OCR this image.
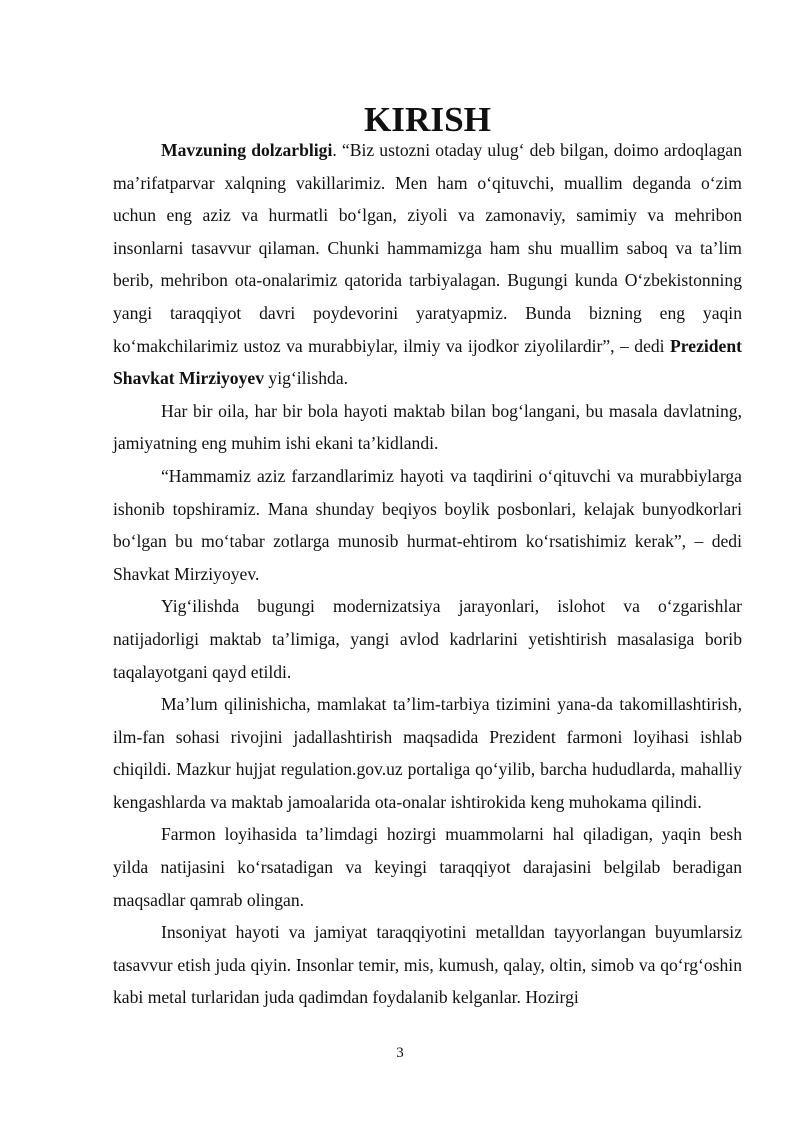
KIRISH

Mavzuning dolzarbligi. “Biz ustozni otaday ulug‘ deb bilgan, doimo ardoqlagan ma’rifatparvar xalqning vakillarimiz. Men ham o‘qituvchi, muallim deganda o‘zim uchun eng aziz va hurmatli bo‘lgan, ziyoli va zamonaviy, samimiy va mehribon insonlarni tasavvur qilaman. Chunki hammamizga ham shu muallim saboq va ta’lim berib, mehribon ota-onalarimiz qatorida tarbiyalagan. Bugungi kunda O‘zbekistonning yangi taraqqiyot davri poydevorini yaratyapmiz. Bunda bizning eng yaqin ko‘makchilarimiz ustoz va murabbiylar, ilmiy va ijodkor ziyolilardir”, – dedi Prezident Shavkat Mirziyoyev yig‘ilishda.

Har bir oila, har bir bola hayoti maktab bilan bog‘langani, bu masala davlatning, jamiyatning eng muhim ishi ekani ta’kidlandi.

“Hammamiz aziz farzandlarimiz hayoti va taqdirini o‘qituvchi va murabbiylarga ishonib topshiramiz. Mana shunday beqiyos boylik posbonlari, kelajak bunyodkorlari bo‘lgan bu mo‘tabar zotlarga munosib hurmat-ehtirom ko‘rsatishimiz kerak”, – dedi Shavkat Mirziyoyev.

Yig‘ilishda bugungi modernizatsiya jarayonlari, islohot va o‘zgarishlar natijadorligi maktab ta’limiga, yangi avlod kadrlarini yetishtirish masalasiga borib taqalayotgani qayd etildi.

Ma’lum qilinishicha, mamlakat ta’lim-tarbiya tizimini yana-da takomillashtirish, ilm-fan sohasi rivojini jadallashtirish maqsadida Prezident farmoni loyihasi ishlab chiqildi. Mazkur hujjat regulation.gov.uz portaliga qo‘yilib, barcha hududlarda, mahalliy kengashlarda va maktab jamoalarida ota-onalar ishtirokida keng muhokama qilindi.

Farmon loyihasida ta’limdagi hozirgi muammolarni hal qiladigan, yaqin besh yilda natijasini ko‘rsatadigan va keyingi taraqqiyot darajasini belgilab beradigan maqsadlar qamrab olingan.

Insoniyat hayoti va jamiyat taraqqiyotini metalldan tayyorlangan buyumlarsiz tasavvur etish juda qiyin. Insonlar temir, mis, kumush, qalay, oltin, simob va qo‘rg‘oshin kabi metal turlaridan juda qadimdan foydalanib kelganlar. Hozirgi

3
